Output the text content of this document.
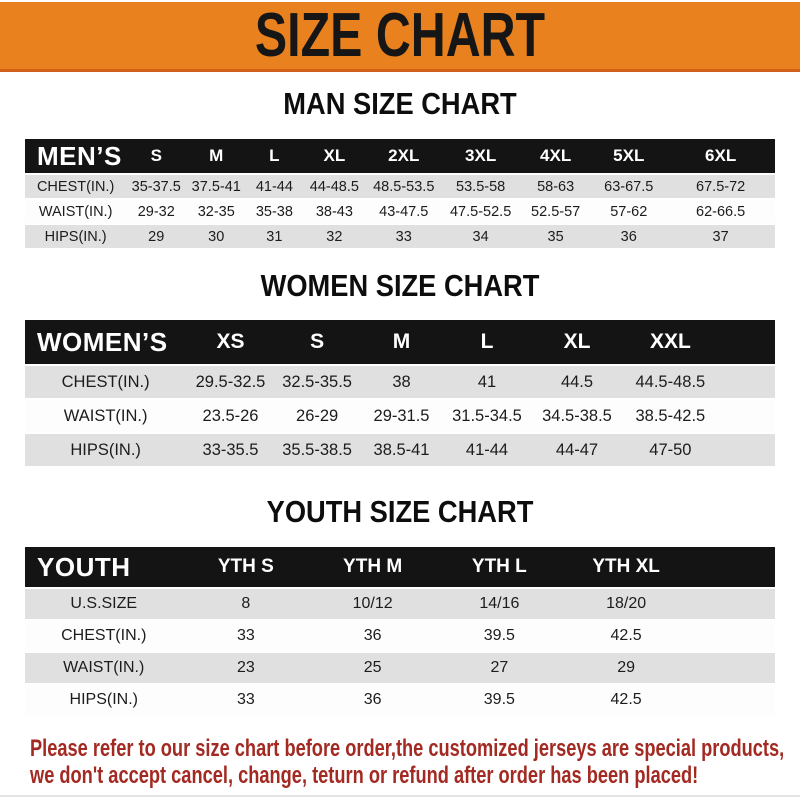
SIZE CHART
MAN SIZE CHART
MEN’S	S	M	L	XL	2XL	3XL	4XL	5XL	6XL
CHEST(IN.)	35-37.5	37.5-41	41-44	44-48.5	48.5-53.5	53.5-58	58-63	63-67.5	67.5-72
WAIST(IN.)	29-32	32-35	35-38	38-43	43-47.5	47.5-52.5	52.5-57	57-62	62-66.5
HIPS(IN.)	29	30	31	32	33	34	35	36	37
WOMEN SIZE CHART
WOMEN’S	XS	S	M	L	XL	XXL	
CHEST(IN.)	29.5-32.5	32.5-35.5	38	41	44.5	44.5-48.5	
WAIST(IN.)	23.5-26	26-29	29-31.5	31.5-34.5	34.5-38.5	38.5-42.5	
HIPS(IN.)	33-35.5	35.5-38.5	38.5-41	41-44	44-47	47-50	
YOUTH SIZE CHART
YOUTH	YTH S	YTH M	YTH L	YTH XL	
U.S.SIZE	8	10/12	14/16	18/20	
CHEST(IN.)	33	36	39.5	42.5	
WAIST(IN.)	23	25	27	29	
HIPS(IN.)	33	36	39.5	42.5	

Please refer to our size chart before order,the customized jerseys are special products,

we don't accept cancel, change, teturn or refund after order has been placed!
